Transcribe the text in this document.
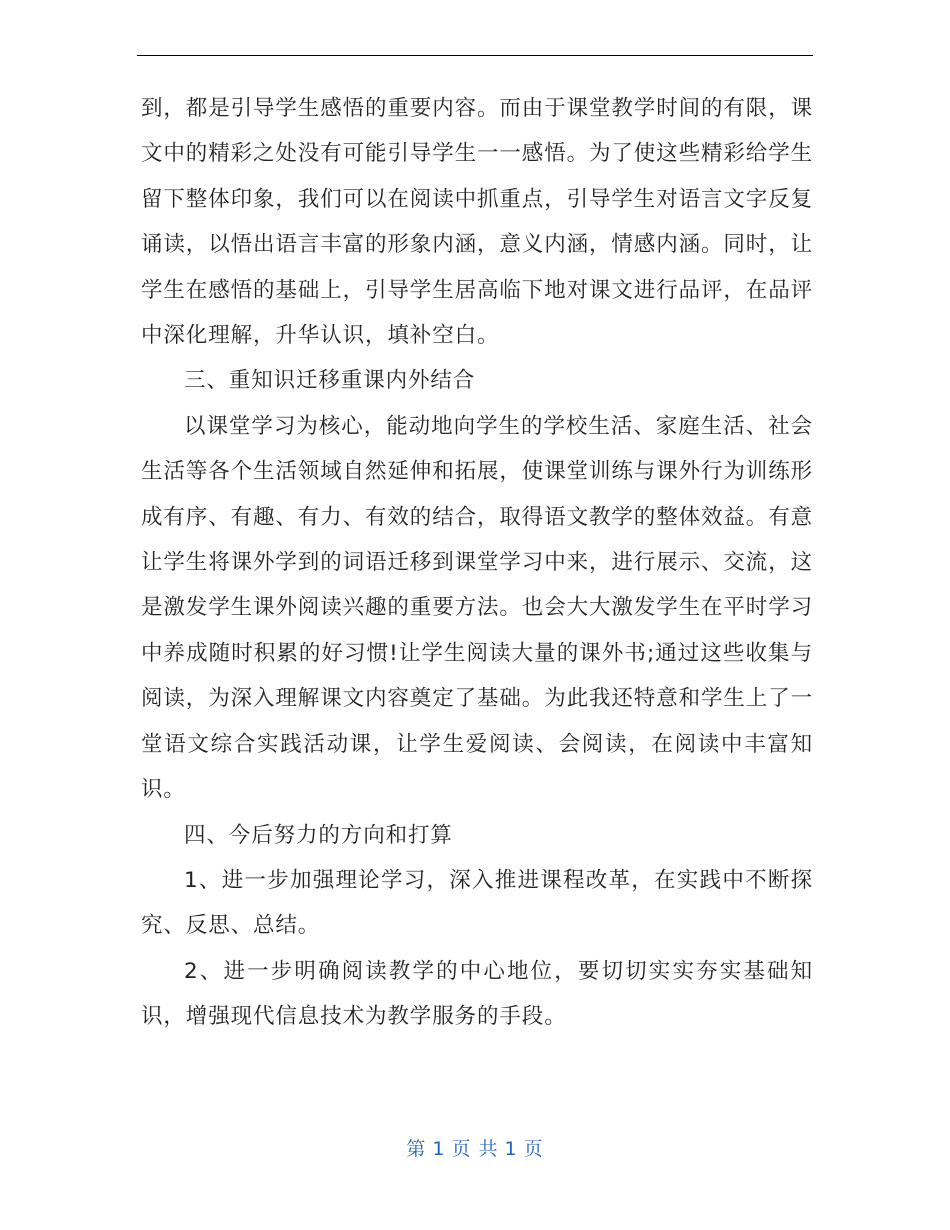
到，都是引导学生感悟的重要内容。而由于课堂教学时间的有限，课文中的精彩之处没有可能引导学生一一感悟。为了使这些精彩给学生留下整体印象，我们可以在阅读中抓重点，引导学生对语言文字反复诵读，以悟出语言丰富的形象内涵，意义内涵，情感内涵。同时，让学生在感悟的基础上，引导学生居高临下地对课文进行品评，在品评中深化理解，升华认识，填补空白。

三、重知识迁移重课内外结合

以课堂学习为核心，能动地向学生的学校生活、家庭生活、社会生活等各个生活领域自然延伸和拓展，使课堂训练与课外行为训练形成有序、有趣、有力、有效的结合，取得语文教学的整体效益。有意让学生将课外学到的词语迁移到课堂学习中来，进行展示、交流，这是激发学生课外阅读兴趣的重要方法。也会大大激发学生在平时学习中养成随时积累的好习惯!让学生阅读大量的课外书;通过这些收集与阅读，为深入理解课文内容奠定了基础。为此我还特意和学生上了一堂语文综合实践活动课，让学生爱阅读、会阅读，在阅读中丰富知识。

四、今后努力的方向和打算

1、进一步加强理论学习，深入推进课程改革，在实践中不断探究、反思、总结。

2、进一步明确阅读教学的中心地位，要切切实实夯实基础知识，增强现代信息技术为教学服务的手段。

第 1 页 共 1 页
